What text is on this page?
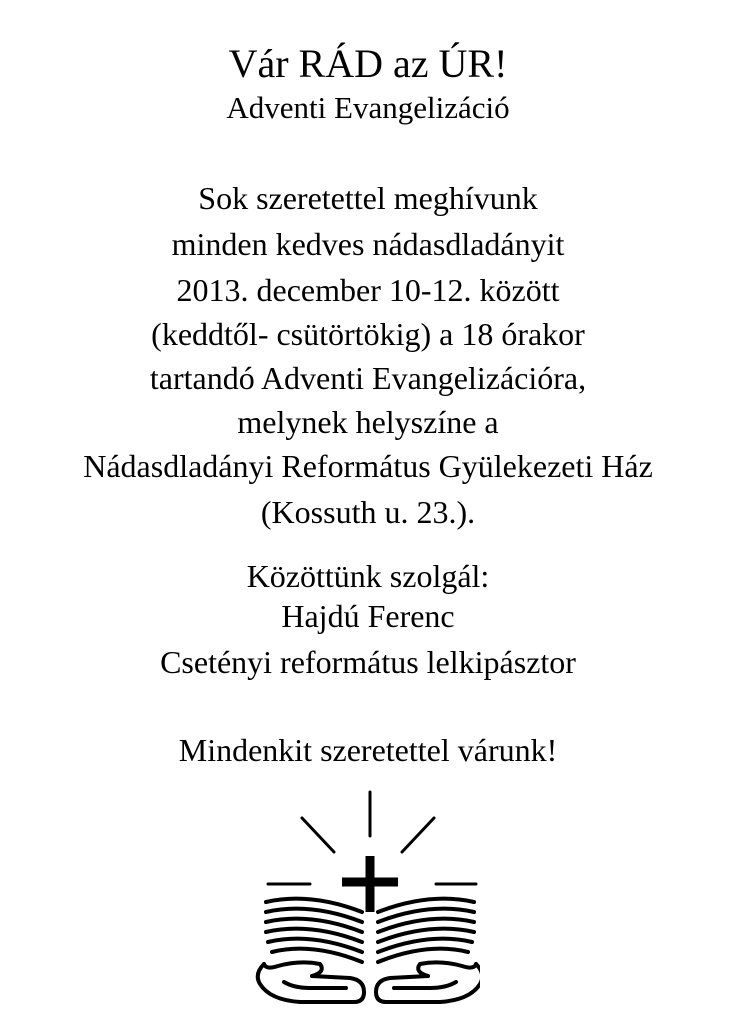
Vár RÁD az ÚR!
Adventi Evangelizáció
Sok szeretettel meghívunk
minden kedves nádasdladányit
2013. december 10-12. között
(keddtől- csütörtökig) a 18 órakor
tartandó Adventi Evangelizációra,
melynek helyszíne a
Nádasdladányi Református Gyülekezeti Ház
(Kossuth u. 23.).
Közöttünk szolgál:
Hajdú Ferenc
Csetényi református lelkipásztor
Mindenkit szeretettel várunk!
